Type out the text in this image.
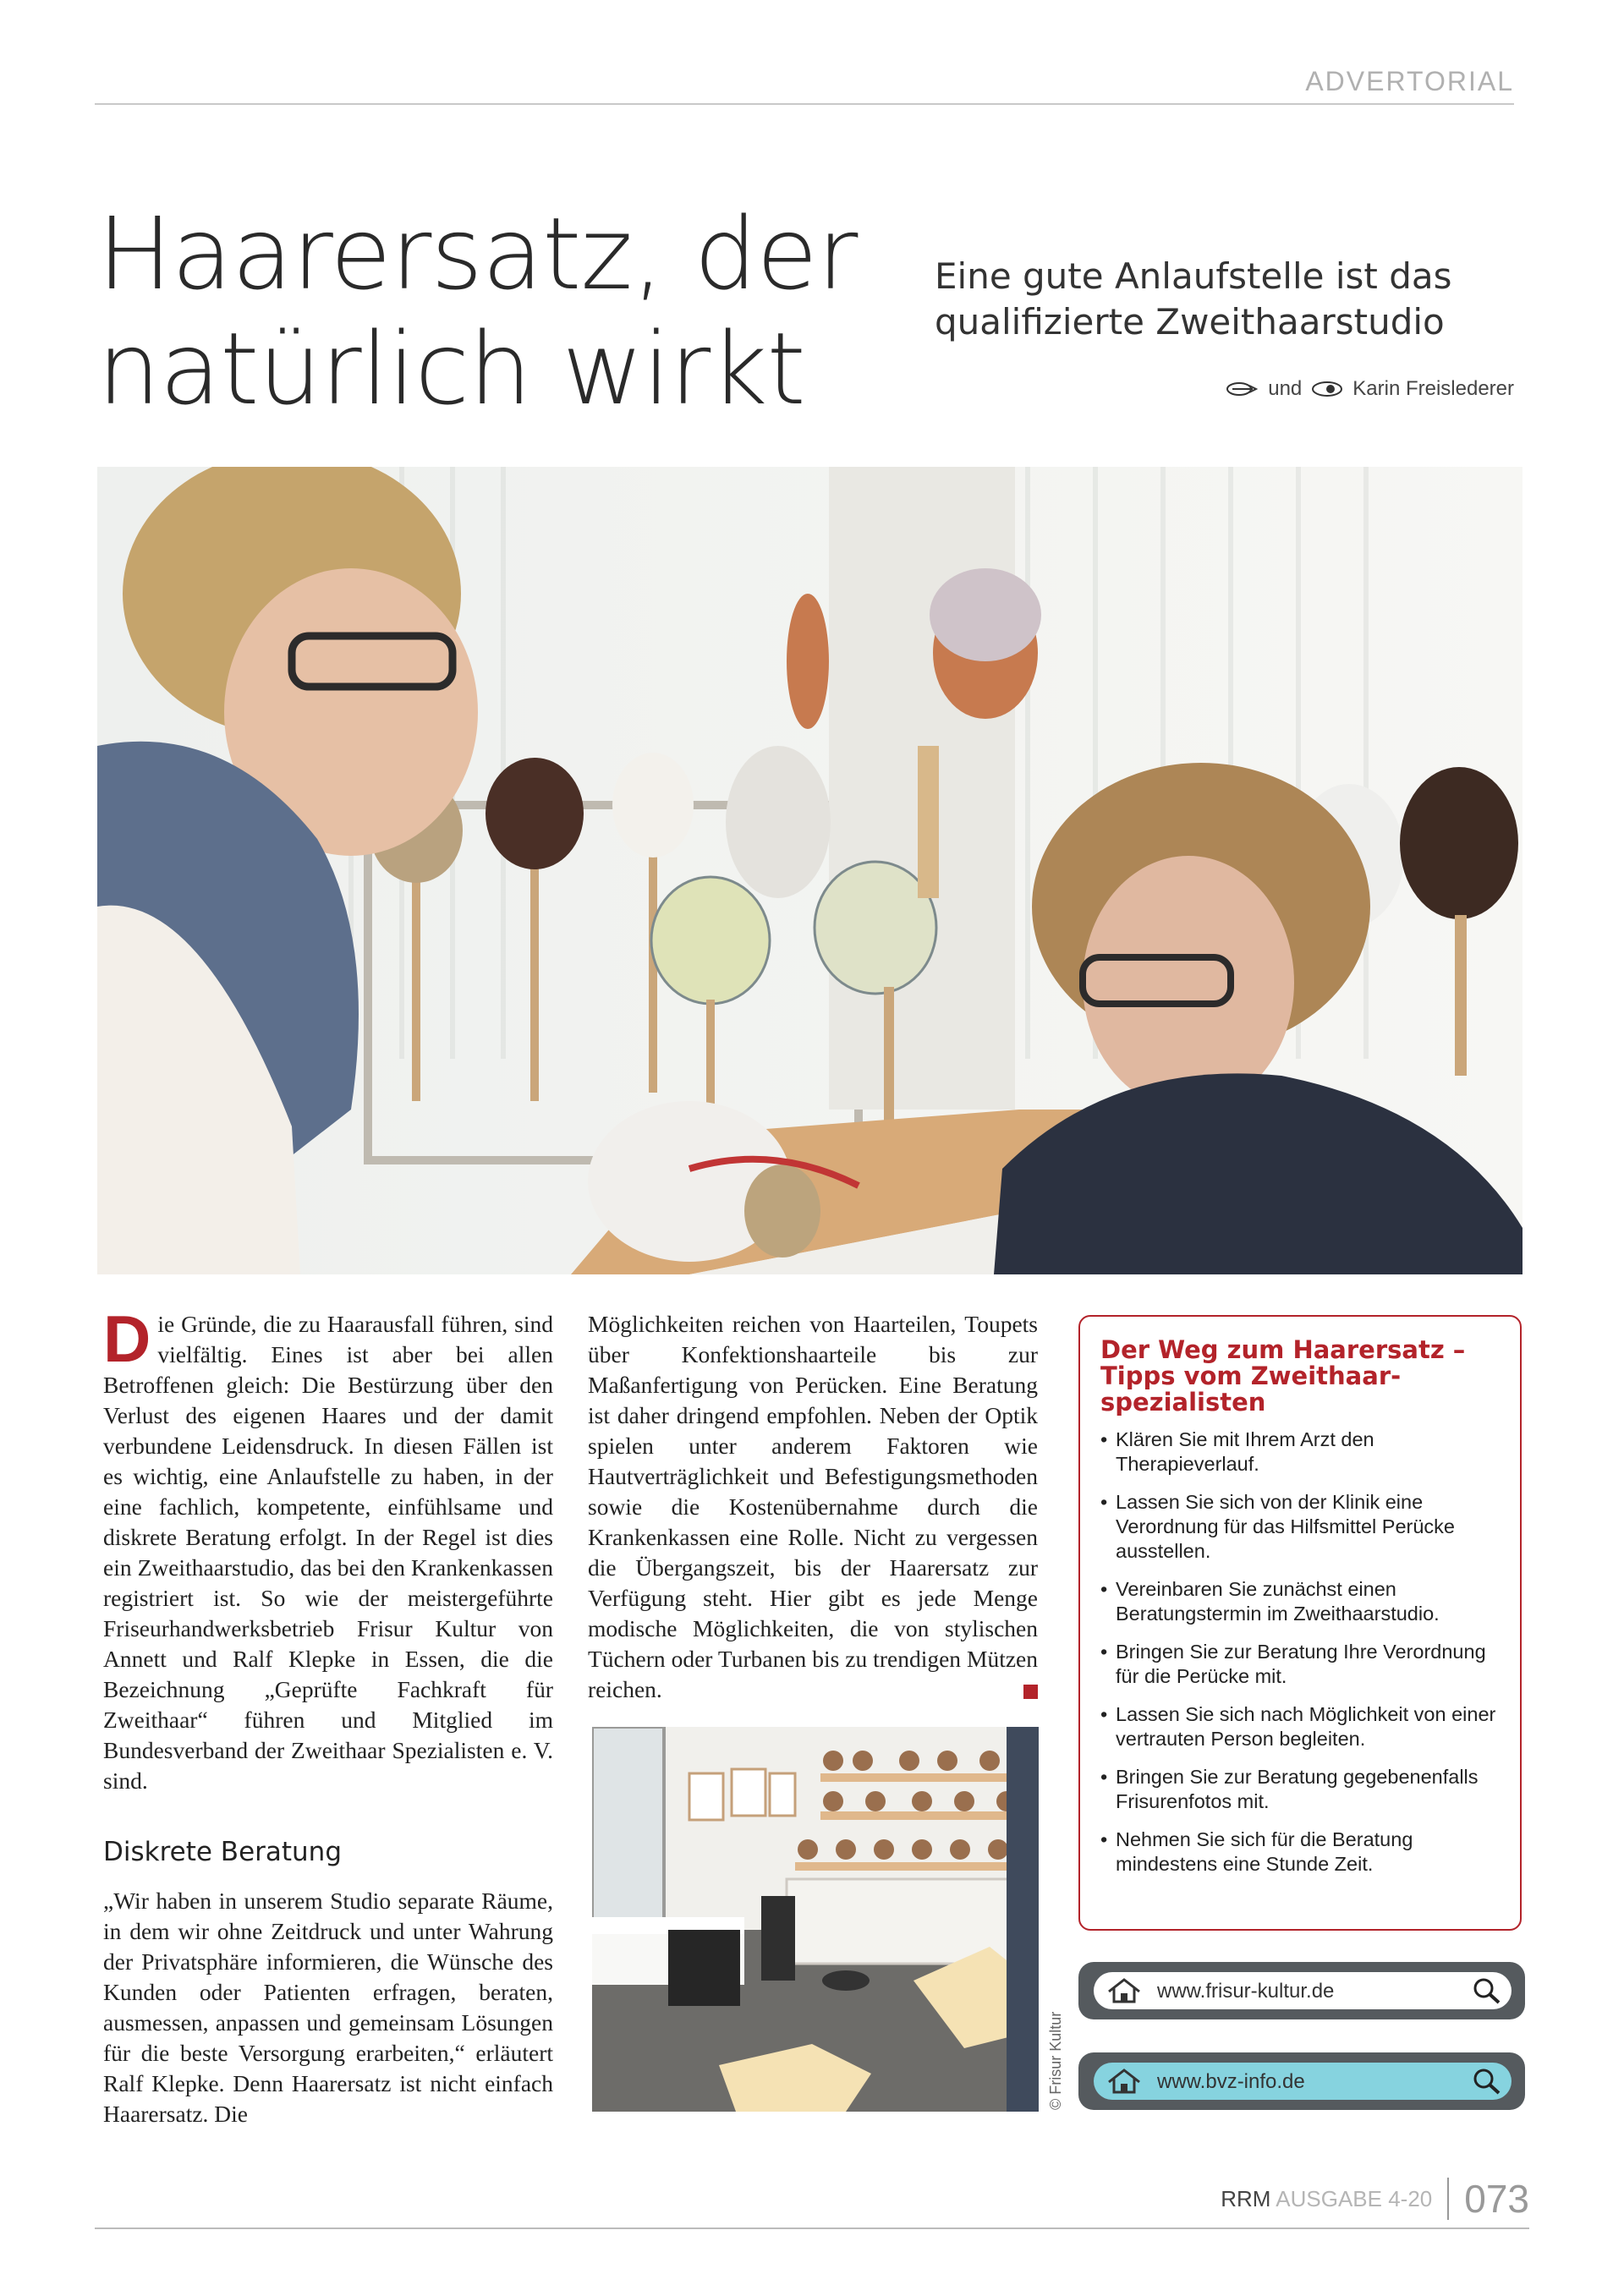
ADVERTORIAL
Haarersatz, der
natürlich wirkt
Eine gute Anlaufstelle ist das
qualifizierte Zweithaarstudio
und	Karin Freislederer

Die Gründe, die zu Haarausfall führen, sind vielfältig. Eines ist aber bei allen Betroffenen gleich: Die Bestürzung über den Verlust des eigenen Haares und der damit verbundene Leidensdruck. In diesen Fällen ist es wichtig, eine Anlaufstelle zu haben, in der eine fachlich, kompetente, einfühlsame und diskrete Beratung erfolgt. In der Regel ist dies ein Zweithaarstudio, das bei den Krankenkassen registriert ist. So wie der meistergeführte Friseurhandwerksbetrieb Frisur Kultur von Annett und Ralf Klepke in Essen, die die Bezeichnung „Geprüfte Fachkraft für Zweithaar“ führen und Mitglied im Bundesverband der Zweithaar Spezialisten e. V. sind.

Diskrete Beratung

„Wir haben in unserem Studio separate Räume, in dem wir ohne Zeitdruck und unter Wahrung der Privatsphäre informieren, die Wünsche des Kunden oder Patienten erfragen, beraten, ausmessen, anpassen und gemeinsam Lösungen für die beste Versorgung erarbeiten,“ erläutert Ralf Klepke. Denn Haarersatz ist nicht einfach Haarersatz. Die

Möglichkeiten reichen von Haarteilen, Toupets über Konfektionshaarteile bis zur Maßanfertigung von Perücken. Eine Beratung ist daher dringend empfohlen. Neben der Optik spielen unter anderem Faktoren wie Hautverträglichkeit und Befestigungsmethoden sowie die Kostenübernahme durch die Krankenkassen eine Rolle. Nicht zu vergessen die Übergangszeit, bis der Haarersatz zur Verfügung steht. Hier gibt es jede Menge modische Möglichkeiten, die von stylischen Tüchern oder Turbanen bis zu trendigen Mützen reichen.

© Frisur Kultur
Der Weg zum Haarersatz –
Tipps vom Zweithaar-
spezialisten
• Klären Sie mit Ihrem Arzt den Therapieverlauf.
• Lassen Sie sich von der Klinik eine Verordnung für das Hilfsmittel Perücke ausstellen.
• Vereinbaren Sie zunächst einen Beratungstermin im Zweithaarstudio.
• Bringen Sie zur Beratung Ihre Verordnung für die Perücke mit.
• Lassen Sie sich nach Möglichkeit von einer vertrauten Person begleiten.
• Bringen Sie zur Beratung gegebenenfalls Frisurenfotos mit.
• Nehmen Sie sich für die Beratung mindestens eine Stunde Zeit.
www.frisur-kultur.de
www.bvz-info.de
RRM AUSGABE 4-20 073
